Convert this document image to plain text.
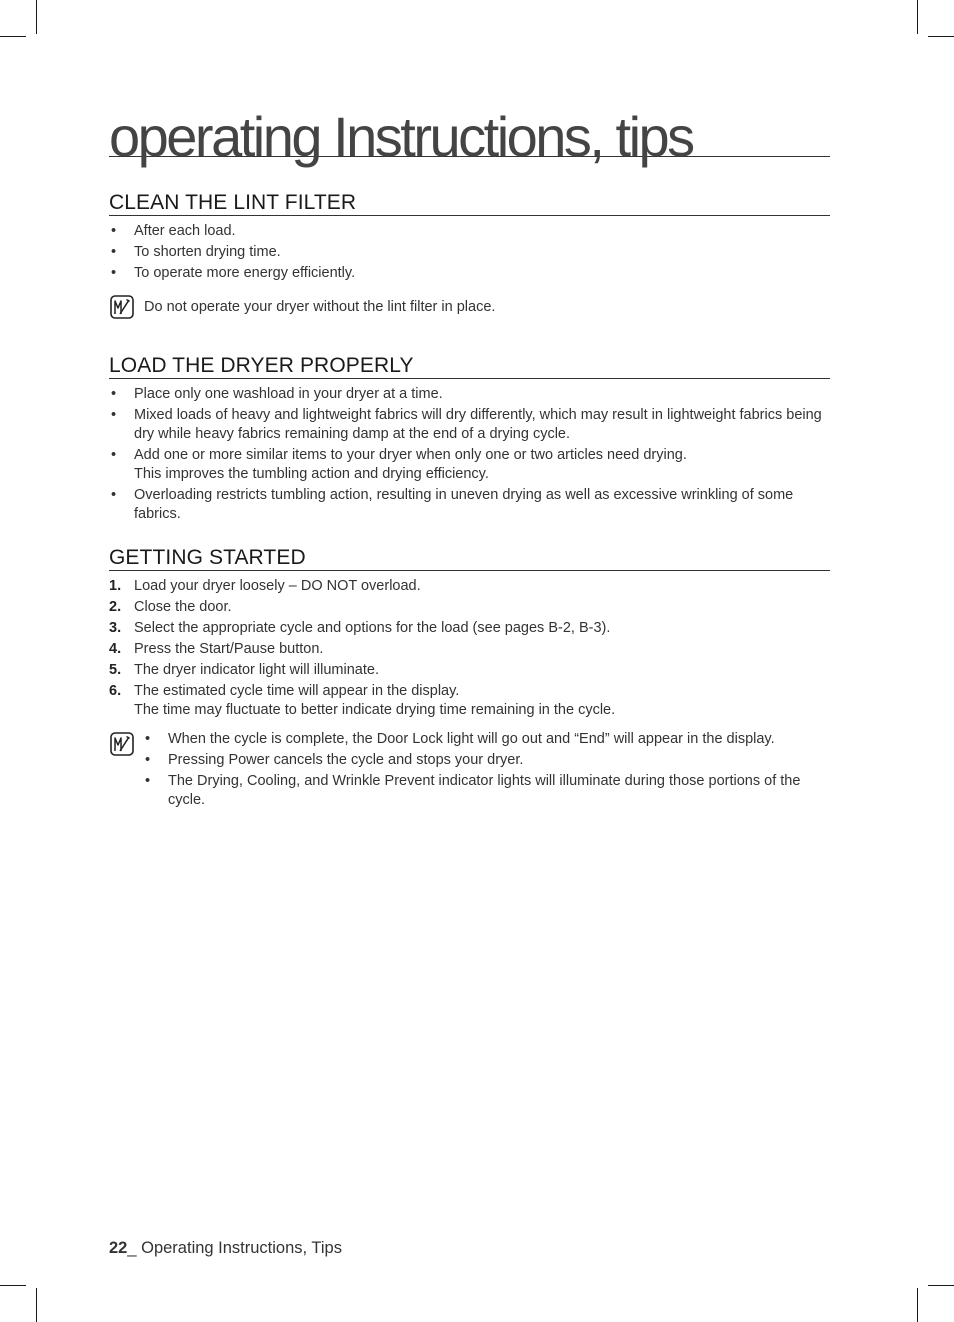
operating Instructions, tips
CLEAN THE LINT FILTER
• After each load.
• To shorten drying time.
• To operate more energy efficiently.
Do not operate your dryer without the lint filter in place.
LOAD THE DRYER PROPERLY
• Place only one washload in your dryer at a time.
• Mixed loads of heavy and lightweight fabrics will dry differently, which may result in lightweight fabrics being dry while heavy fabrics remaining damp at the end of a drying cycle.
• Add one or more similar items to your dryer when only one or two articles need drying.
This improves the tumbling action and drying efficiency.
• Overloading restricts tumbling action, resulting in uneven drying as well as excessive wrinkling of some fabrics.
GETTING STARTED
1. Load your dryer loosely – DO NOT overload.
2. Close the door.
3. Select the appropriate cycle and options for the load (see pages B-2, B-3).
4. Press the Start/Pause button.
5. The dryer indicator light will illuminate.
6. The estimated cycle time will appear in the display.
The time may fluctuate to better indicate drying time remaining in the cycle.
• When the cycle is complete, the Door Lock light will go out and “End” will appear in the display.
• Pressing Power cancels the cycle and stops your dryer.
• The Drying, Cooling, and Wrinkle Prevent indicator lights will illuminate during those portions of the cycle.
22_ Operating Instructions, Tips
